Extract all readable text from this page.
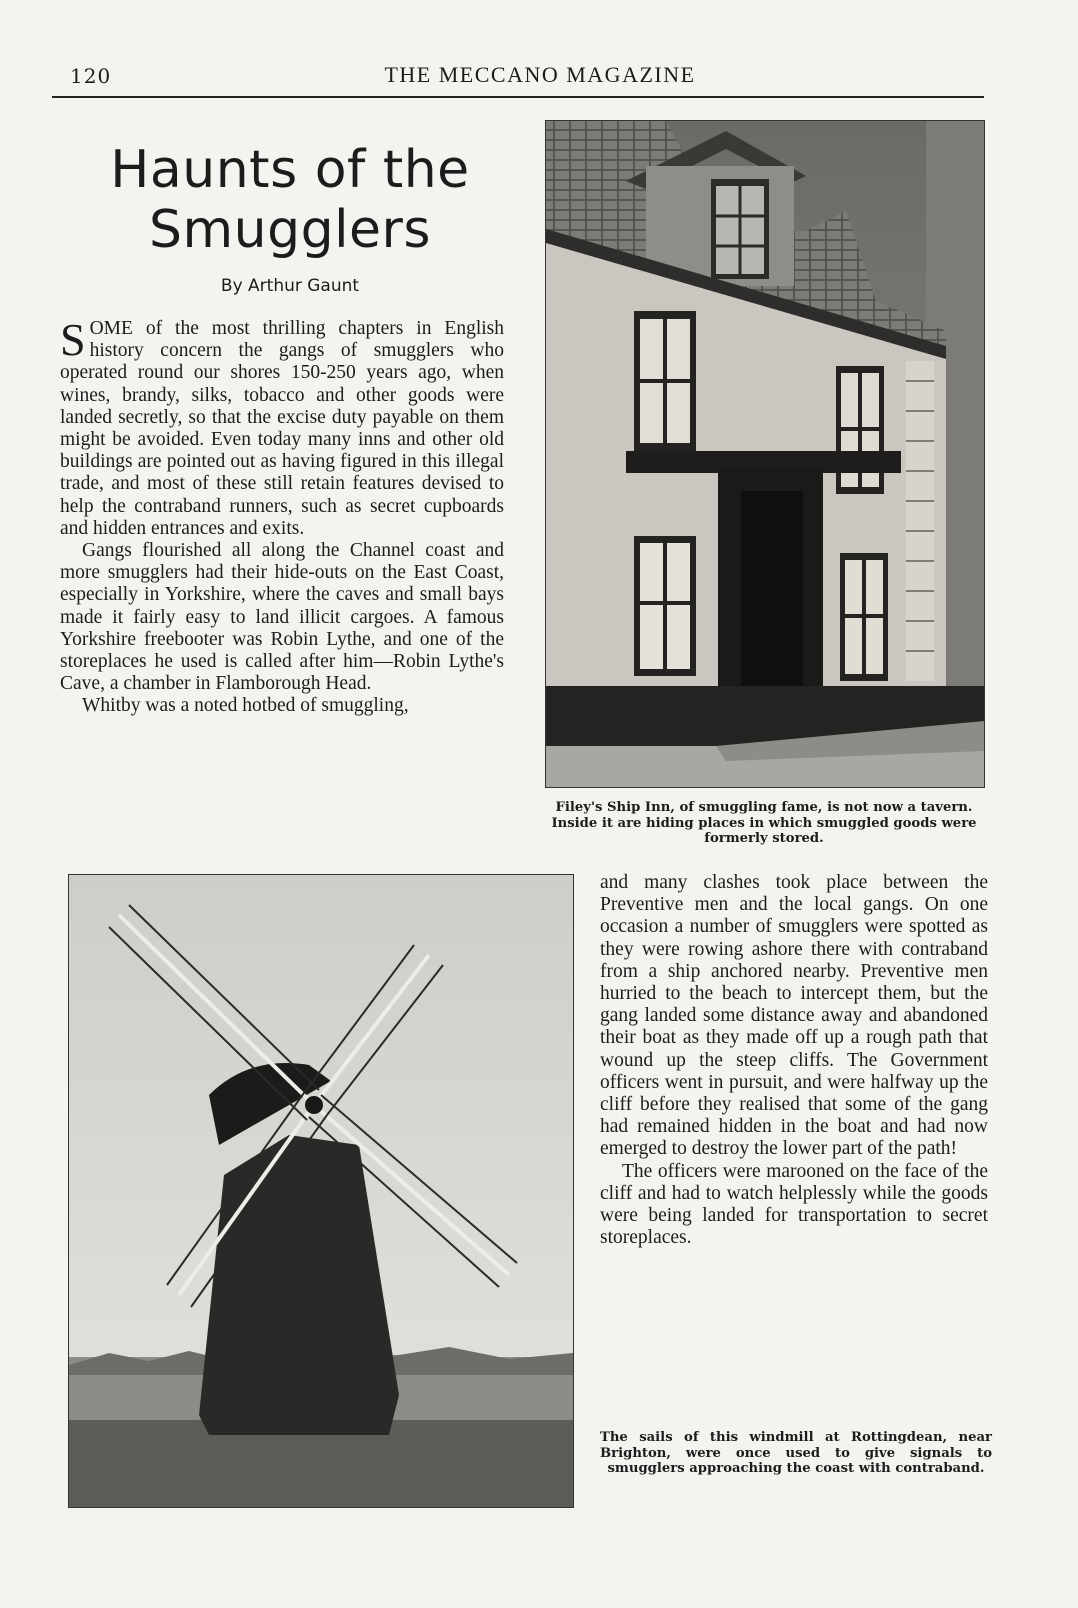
120	THE MECCANO MAGAZINE
Haunts of the
Smugglers
By Arthur Gaunt

SOME of the most thrilling chapters in English history concern the gangs of smugglers who operated round our shores 150-250 years ago, when wines, brandy, silks, tobacco and other goods were landed secretly, so that the excise duty payable on them might be avoided. Even today many inns and other old buildings are pointed out as having figured in this illegal trade, and most of these still retain features devised to help the contraband runners, such as secret cupboards and hidden entrances and exits.

Gangs flourished all along the Channel coast and more smugglers had their hide-outs on the East Coast, especially in Yorkshire, where the caves and small bays made it fairly easy to land illicit cargoes. A famous Yorkshire freebooter was Robin Lythe, and one of the storeplaces he used is called after him—Robin Lythe's Cave, a chamber in Flamborough Head.

Whitby was a noted hotbed of smuggling,

Filey's Ship Inn, of smuggling fame, is not now a tavern. Inside it are hiding places in which smuggled goods were formerly stored.

and many clashes took place between the Preventive men and the local gangs. On one occasion a number of smugglers were spotted as they were rowing ashore there with contraband from a ship anchored nearby. Preventive men hurried to the beach to intercept them, but the gang landed some distance away and abandoned their boat as they made off up a rough path that wound up the steep cliffs. The Government officers went in pursuit, and were halfway up the cliff before they realised that some of the gang had remained hidden in the boat and had now emerged to destroy the lower part of the path!

The officers were marooned on the face of the cliff and had to watch helplessly while the goods were being landed for transportation to secret storeplaces.

The sails of this windmill at Rottingdean, near Brighton, were once used to give signals to smugglers approaching the coast with contraband.
